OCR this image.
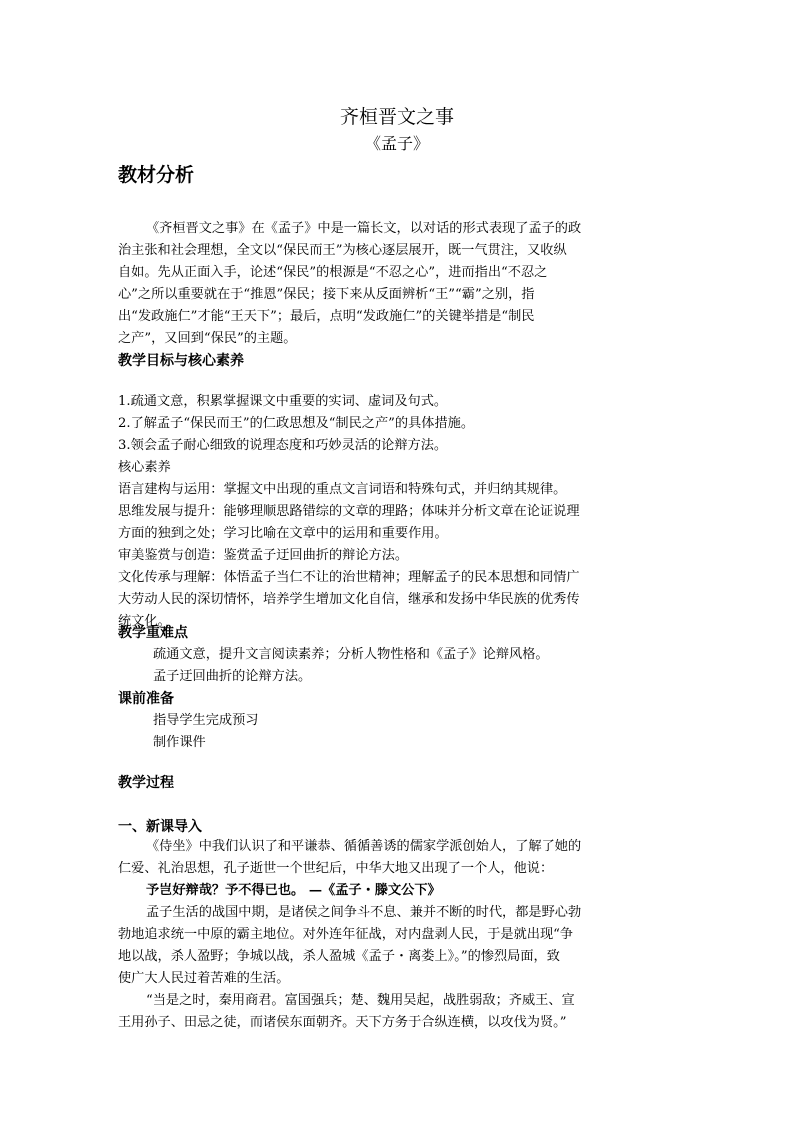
齐桓晋文之事
《孟子》
教材分析
《齐桓晋文之事》在《孟子》中是一篇长文，以对话的形式表现了孟子的政
治主张和社会理想，全文以“保民而王”为核心逐层展开，既一气贯注，又收纵
自如。先从正面入手，论述“保民”的根源是“不忍之心”，进而指出“不忍之
心”之所以重要就在于“推恩”保民；接下来从反面辨析“王”“霸”之别，指
出“发政施仁”才能“王天下”；最后，点明“发政施仁”的关键举措是“制民
之产”，又回到“保民”的主题。
教学目标与核心素养
1.疏通文意，积累掌握课文中重要的实词、虚词及句式。
2.了解孟子“保民而王”的仁政思想及“制民之产”的具体措施。
3.领会孟子耐心细致的说理态度和巧妙灵活的论辩方法。
核心素养
语言建构与运用：掌握文中出现的重点文言词语和特殊句式，并归纳其规律。
思维发展与提升：能够理顺思路错综的文章的理路；体味并分析文章在论证说理
方面的独到之处；学习比喻在文章中的运用和重要作用。
审美鉴赏与创造：鉴赏孟子迂回曲折的辩论方法。
文化传承与理解：体悟孟子当仁不让的治世精神；理解孟子的民本思想和同情广
大劳动人民的深切情怀，培养学生增加文化自信，继承和发扬中华民族的优秀传
统文化。
教学重难点
疏通文意，提升文言阅读素养；分析人物性格和《孟子》论辩风格。
孟子迂回曲折的论辩方法。
课前准备
指导学生完成预习
制作课件
教学过程
一、新课导入
《侍坐》中我们认识了和平谦恭、循循善诱的儒家学派创始人，了解了她的
仁爱、礼治思想，孔子逝世一个世纪后，中华大地又出现了一个人，他说：
予岂好辩哉？予不得已也。 —《孟子・滕文公下》
孟子生活的战国中期，是诸侯之间争斗不息、兼并不断的时代，都是野心勃
勃地追求统一中原的霸主地位。对外连年征战，对内盘剥人民，于是就出现“争
地以战，杀人盈野；争城以战，杀人盈城《孟子・离娄上》。”的惨烈局面，致
使广大人民过着苦难的生活。
“当是之时，秦用商君。富国强兵；楚、魏用吴起，战胜弱敌；齐威王、宣
王用孙子、田忌之徒，而诸侯东面朝齐。天下方务于合纵连横，以攻伐为贤。”
